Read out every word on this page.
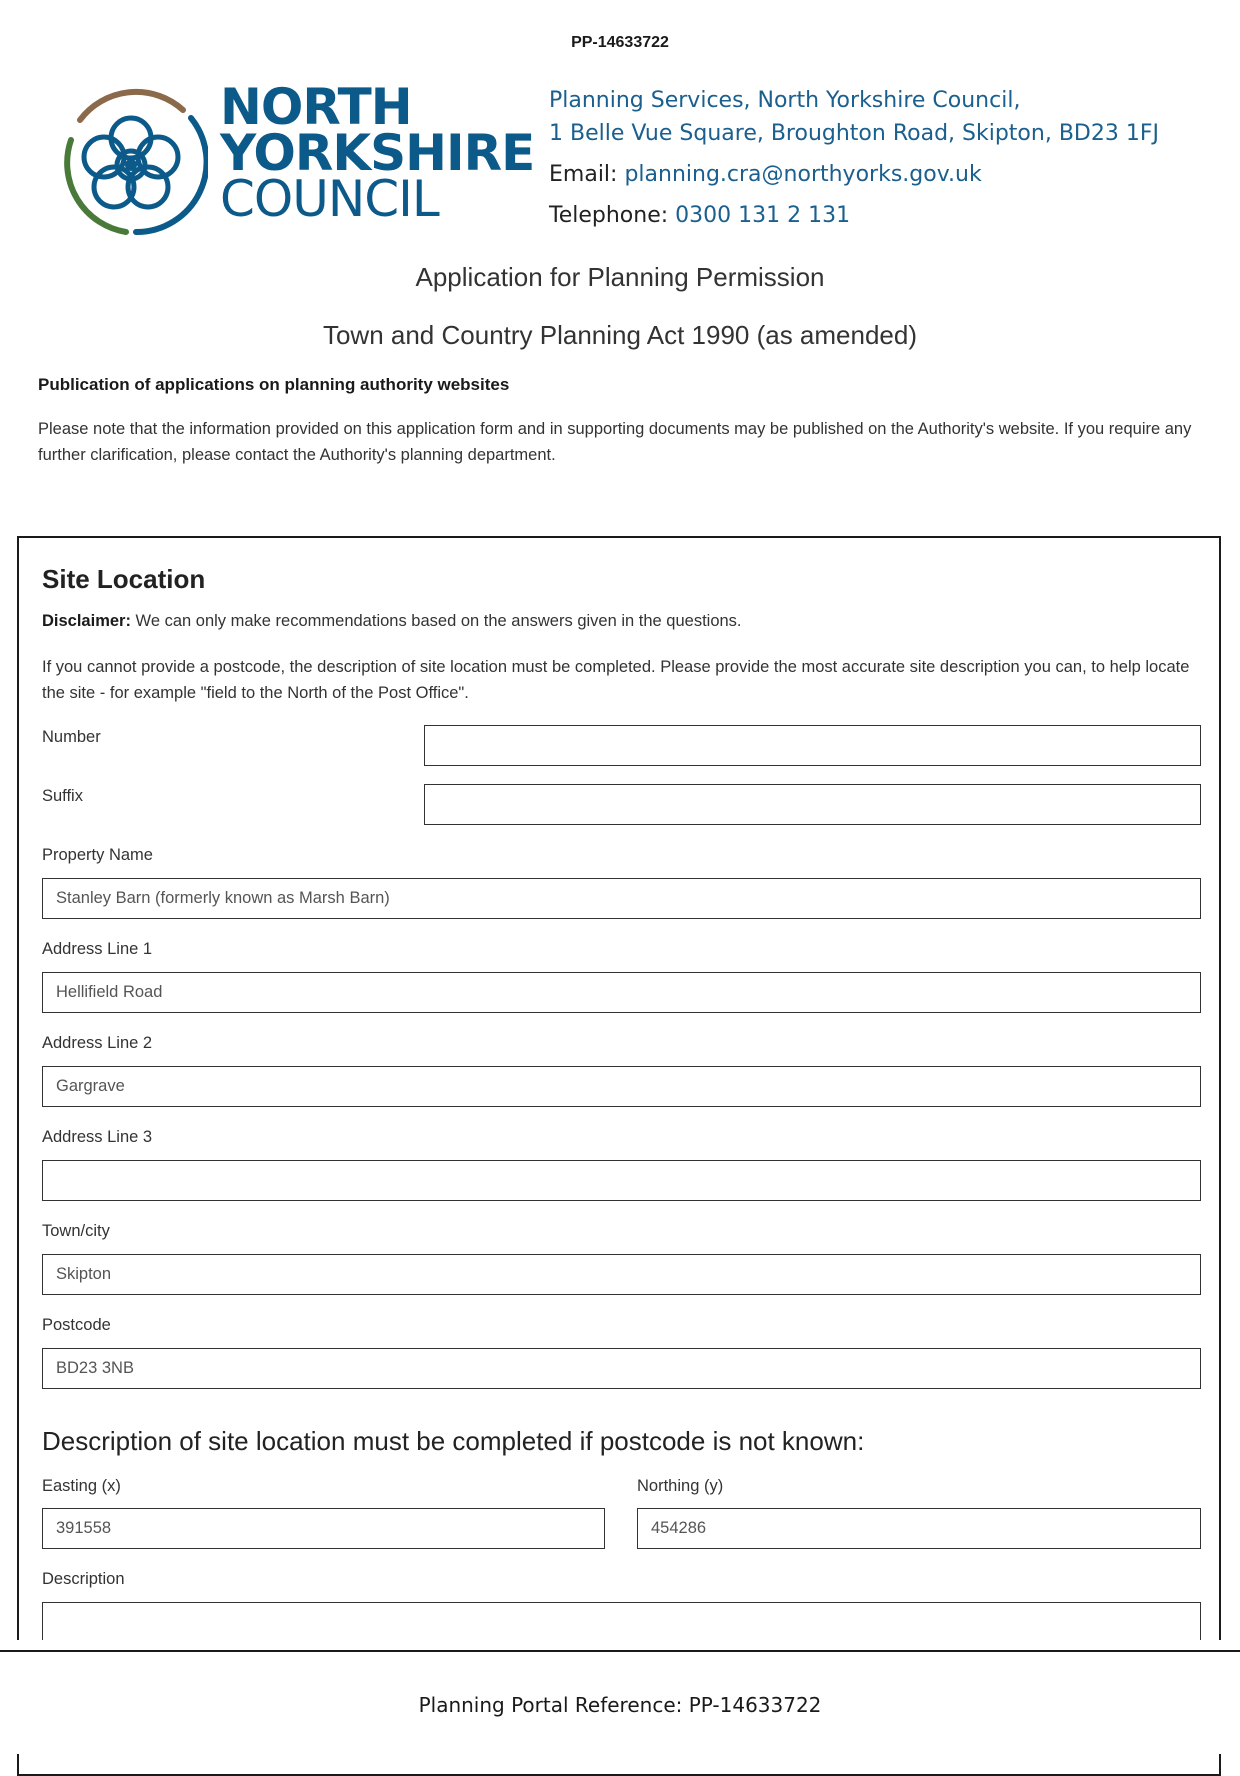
PP-14633722
NORTH
YORKSHIRE
COUNCIL
Planning Services, North Yorkshire Council,
1 Belle Vue Square, Broughton Road, Skipton, BD23 1FJ
Email: planning.cra@northyorks.gov.uk
Telephone: 0300 131 2 131
Application for Planning Permission
Town and Country Planning Act 1990 (as amended)
Publication of applications on planning authority websites
Please note that the information provided on this application form and in supporting documents may be published on the Authority's website. If you require any further clarification, please contact the Authority's planning department.
Site Location
Disclaimer: We can only make recommendations based on the answers given in the questions.
If you cannot provide a postcode, the description of site location must be completed. Please provide the most accurate site description you can, to help locate the site - for example "field to the North of the Post Office".
Number
Suffix
Property Name
Stanley Barn (formerly known as Marsh Barn)
Address Line 1
Hellifield Road
Address Line 2
Gargrave
Address Line 3
Town/city
Skipton
Postcode
BD23 3NB
Description of site location must be completed if postcode is not known:
Easting (x)
391558
Northing (y)
454286
Description
Planning Portal Reference: PP-14633722
